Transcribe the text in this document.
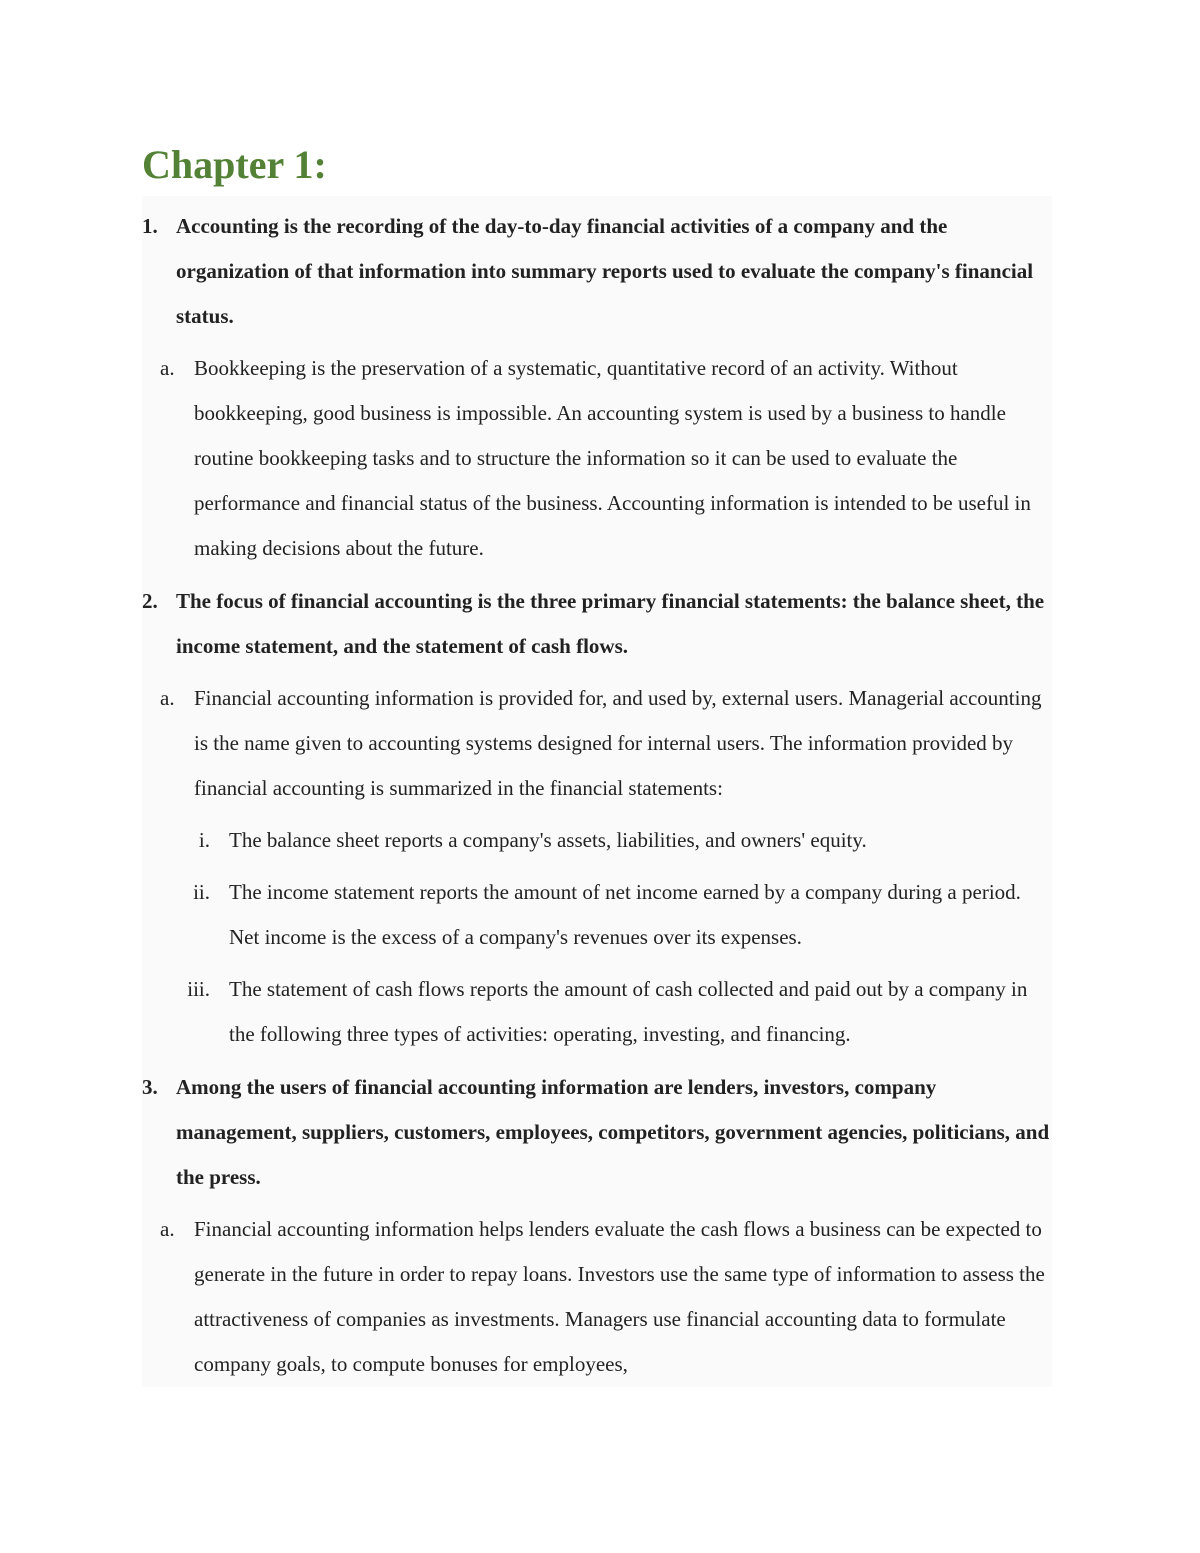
Chapter 1:
1. Accounting is the recording of the day-to-day financial activities of a company and the organization of that information into summary reports used to evaluate the company's financial status.
a. Bookkeeping is the preservation of a systematic, quantitative record of an activity. Without bookkeeping, good business is impossible. An accounting system is used by a business to handle routine bookkeeping tasks and to structure the information so it can be used to evaluate the performance and financial status of the business. Accounting information is intended to be useful in making decisions about the future.
2. The focus of financial accounting is the three primary financial statements: the balance sheet, the income statement, and the statement of cash flows.
a. Financial accounting information is provided for, and used by, external users. Managerial accounting is the name given to accounting systems designed for internal users. The information provided by financial accounting is summarized in the financial statements:
i. The balance sheet reports a company's assets, liabilities, and owners' equity.
ii. The income statement reports the amount of net income earned by a company during a period. Net income is the excess of a company's revenues over its expenses.
iii. The statement of cash flows reports the amount of cash collected and paid out by a company in the following three types of activities: operating, investing, and financing.
3. Among the users of financial accounting information are lenders, investors, company management, suppliers, customers, employees, competitors, government agencies, politicians, and the press.
a. Financial accounting information helps lenders evaluate the cash flows a business can be expected to generate in the future in order to repay loans. Investors use the same type of information to assess the attractiveness of companies as investments. Managers use financial accounting data to formulate company goals, to compute bonuses for employees,
